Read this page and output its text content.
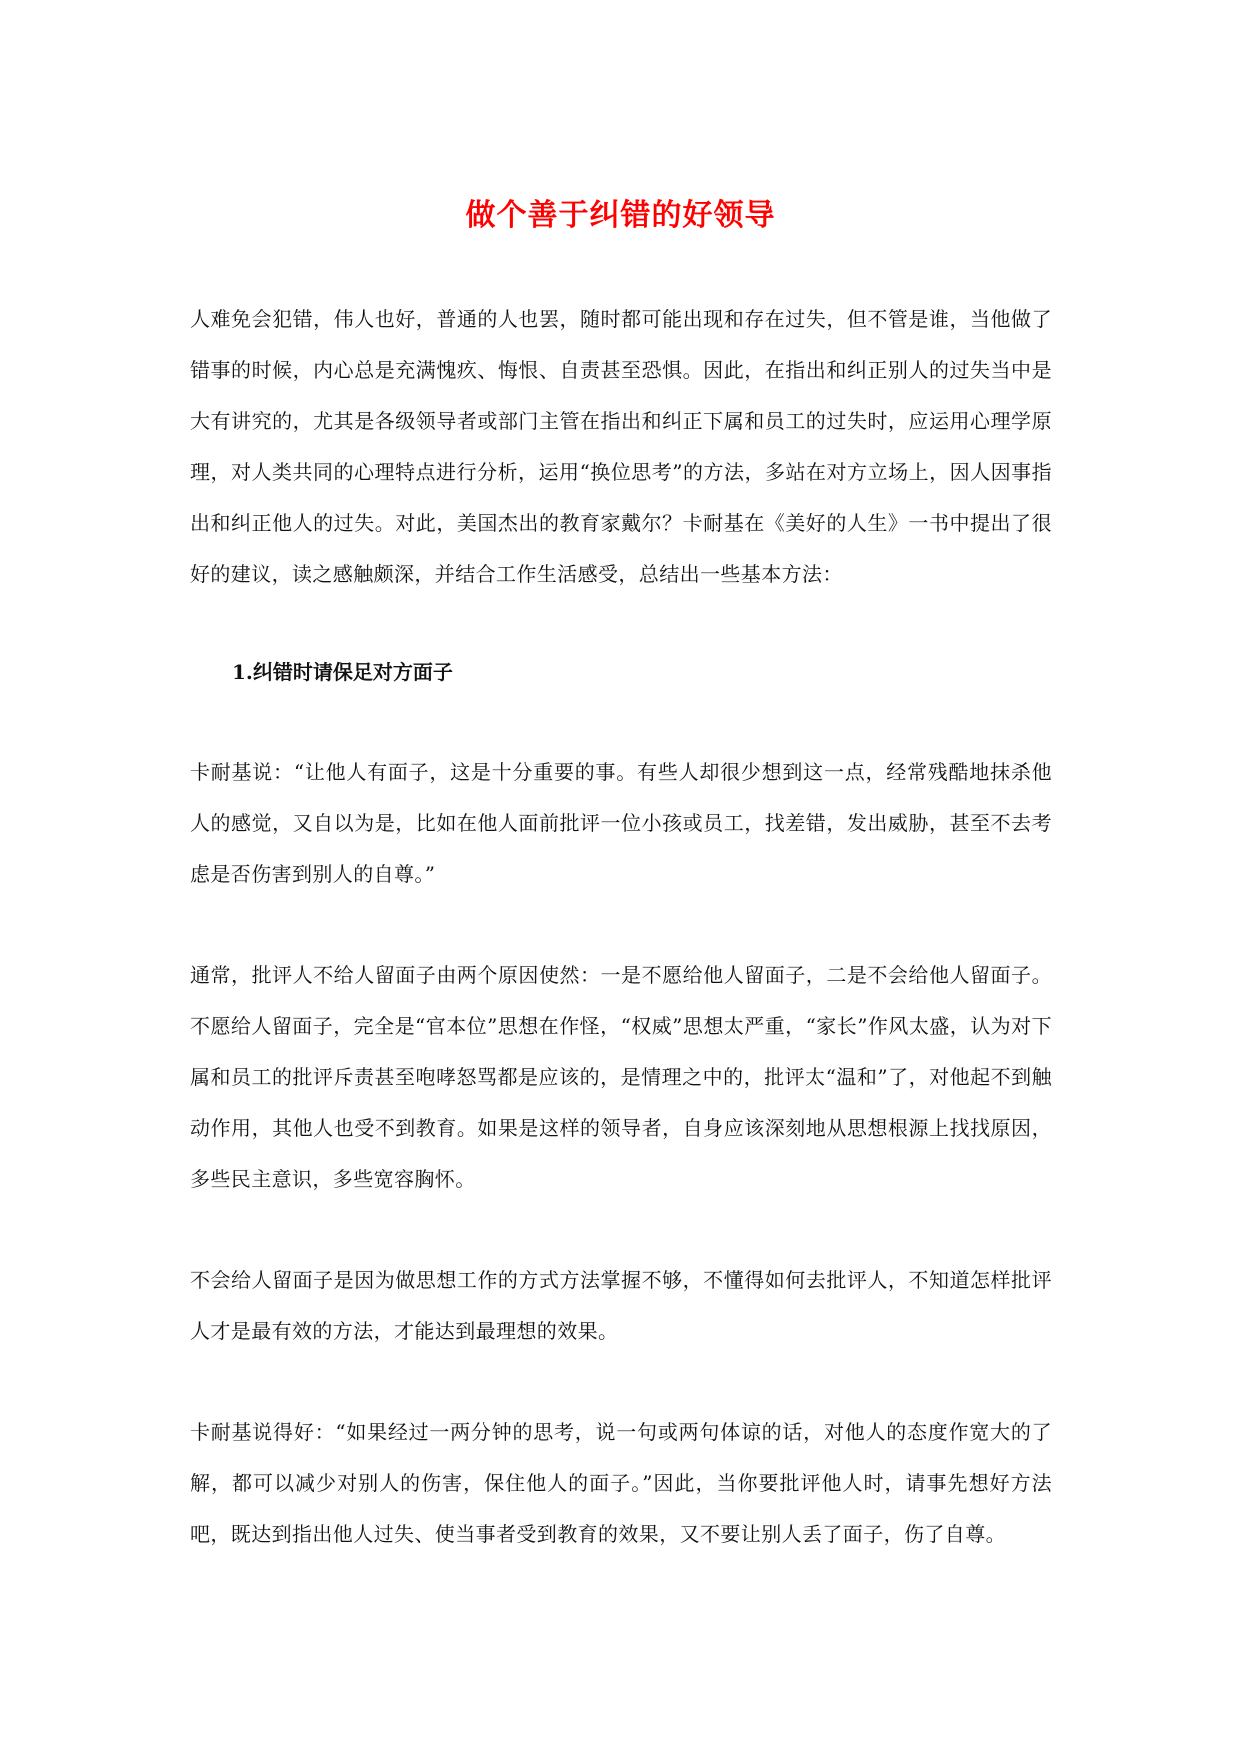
做个善于纠错的好领导

人难免会犯错，伟人也好，普通的人也罢，随时都可能出现和存在过失，但不管是谁，当他做了错事的时候，内心总是充满愧疚、悔恨、自责甚至恐惧。因此，在指出和纠正别人的过失当中是大有讲究的，尤其是各级领导者或部门主管在指出和纠正下属和员工的过失时，应运用心理学原理，对人类共同的心理特点进行分析，运用“换位思考”的方法，多站在对方立场上，因人因事指出和纠正他人的过失。对此，美国杰出的教育家戴尔？卡耐基在《美好的人生》一书中提出了很好的建议，读之感触颇深，并结合工作生活感受，总结出一些基本方法：

1.纠错时请保足对方面子

卡耐基说：“让他人有面子，这是十分重要的事。有些人却很少想到这一点，经常残酷地抹杀他人的感觉，又自以为是，比如在他人面前批评一位小孩或员工，找差错，发出威胁，甚至不去考虑是否伤害到别人的自尊。”

通常，批评人不给人留面子由两个原因使然：一是不愿给他人留面子，二是不会给他人留面子。不愿给人留面子，完全是“官本位”思想在作怪，“权威”思想太严重，“家长”作风太盛，认为对下属和员工的批评斥责甚至咆哮怒骂都是应该的，是情理之中的，批评太“温和”了，对他起不到触动作用，其他人也受不到教育。如果是这样的领导者，自身应该深刻地从思想根源上找找原因，多些民主意识，多些宽容胸怀。

不会给人留面子是因为做思想工作的方式方法掌握不够，不懂得如何去批评人，不知道怎样批评人才是最有效的方法，才能达到最理想的效果。

卡耐基说得好：“如果经过一两分钟的思考，说一句或两句体谅的话，对他人的态度作宽大的了解，都可以减少对别人的伤害，保住他人的面子。”因此，当你要批评他人时，请事先想好方法吧，既达到指出他人过失、使当事者受到教育的效果，又不要让别人丢了面子，伤了自尊。
